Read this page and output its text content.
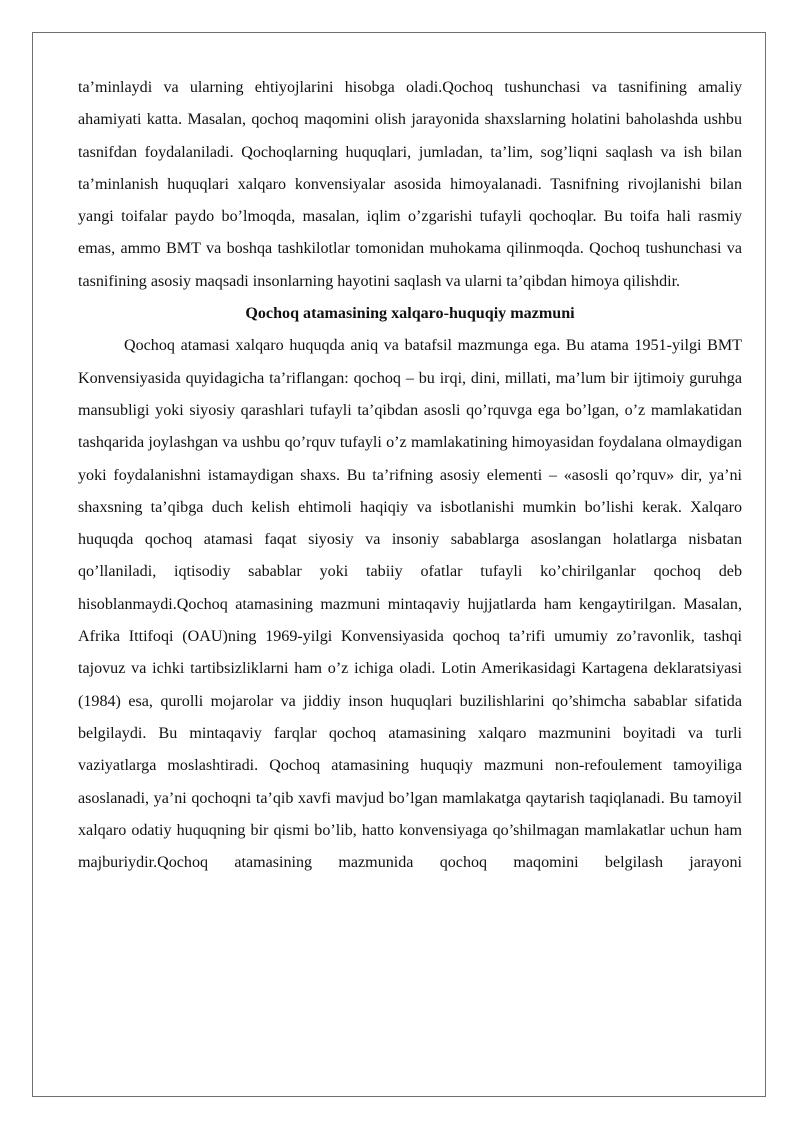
ta’minlaydi va ularning ehtiyojlarini hisobga oladi.Qochoq tushunchasi va tasnifining amaliy ahamiyati katta. Masalan, qochoq maqomini olish jarayonida shaxslarning holatini baholashda ushbu tasnifdan foydalaniladi. Qochoqlarning huquqlari, jumladan, ta’lim, sog’liqni saqlash va ish bilan ta’minlanish huquqlari xalqaro konvensiyalar asosida himoyalanadi. Tasnifning rivojlanishi bilan yangi toifalar paydo bo’lmoqda, masalan, iqlim o’zgarishi tufayli qochoqlar. Bu toifa hali rasmiy emas, ammo BMT va boshqa tashkilotlar tomonidan muhokama qilinmoqda. Qochoq tushunchasi va tasnifining asosiy maqsadi insonlarning hayotini saqlash va ularni ta’qibdan himoya qilishdir.

Qochoq atamasining xalqaro-huquqiy mazmuni

Qochoq atamasi xalqaro huquqda aniq va batafsil mazmunga ega. Bu atama 1951-yilgi BMT Konvensiyasida quyidagicha ta’riflangan: qochoq – bu irqi, dini, millati, ma’lum bir ijtimoiy guruhga mansubligi yoki siyosiy qarashlari tufayli ta’qibdan asosli qo’rquvga ega bo’lgan, o’z mamlakatidan tashqarida joylashgan va ushbu qo’rquv tufayli o’z mamlakatining himoyasidan foydalana olmaydigan yoki foydalanishni istamaydigan shaxs. Bu ta’rifning asosiy elementi – «asosli qo’rquv» dir, ya’ni shaxsning ta’qibga duch kelish ehtimoli haqiqiy va isbotlanishi mumkin bo’lishi kerak. Xalqaro huquqda qochoq atamasi faqat siyosiy va insoniy sabablarga asoslangan holatlarga nisbatan qo’llaniladi, iqtisodiy sabablar yoki tabiiy ofatlar tufayli ko’chirilganlar qochoq deb hisoblanmaydi.Qochoq atamasining mazmuni mintaqaviy hujjatlarda ham kengaytirilgan. Masalan, Afrika Ittifoqi (OAU)ning 1969-yilgi Konvensiyasida qochoq ta’rifi umumiy zo’ravonlik, tashqi tajovuz va ichki tartibsizliklarni ham o’z ichiga oladi. Lotin Amerikasidagi Kartagena deklaratsiyasi (1984) esa, qurolli mojarolar va jiddiy inson huquqlari buzilishlarini qo’shimcha sabablar sifatida belgilaydi. Bu mintaqaviy farqlar qochoq atamasining xalqaro mazmunini boyitadi va turli vaziyatlarga moslashtiradi. Qochoq atamasining huquqiy mazmuni non-refoulement tamoyiliga asoslanadi, ya’ni qochoqni ta’qib xavfi mavjud bo’lgan mamlakatga qaytarish taqiqlanadi. Bu tamoyil xalqaro odatiy huquqning bir qismi bo’lib, hatto konvensiyaga qo’shilmagan mamlakatlar uchun ham majburiydir.Qochoq atamasining mazmunida qochoq maqomini belgilash jarayoni
